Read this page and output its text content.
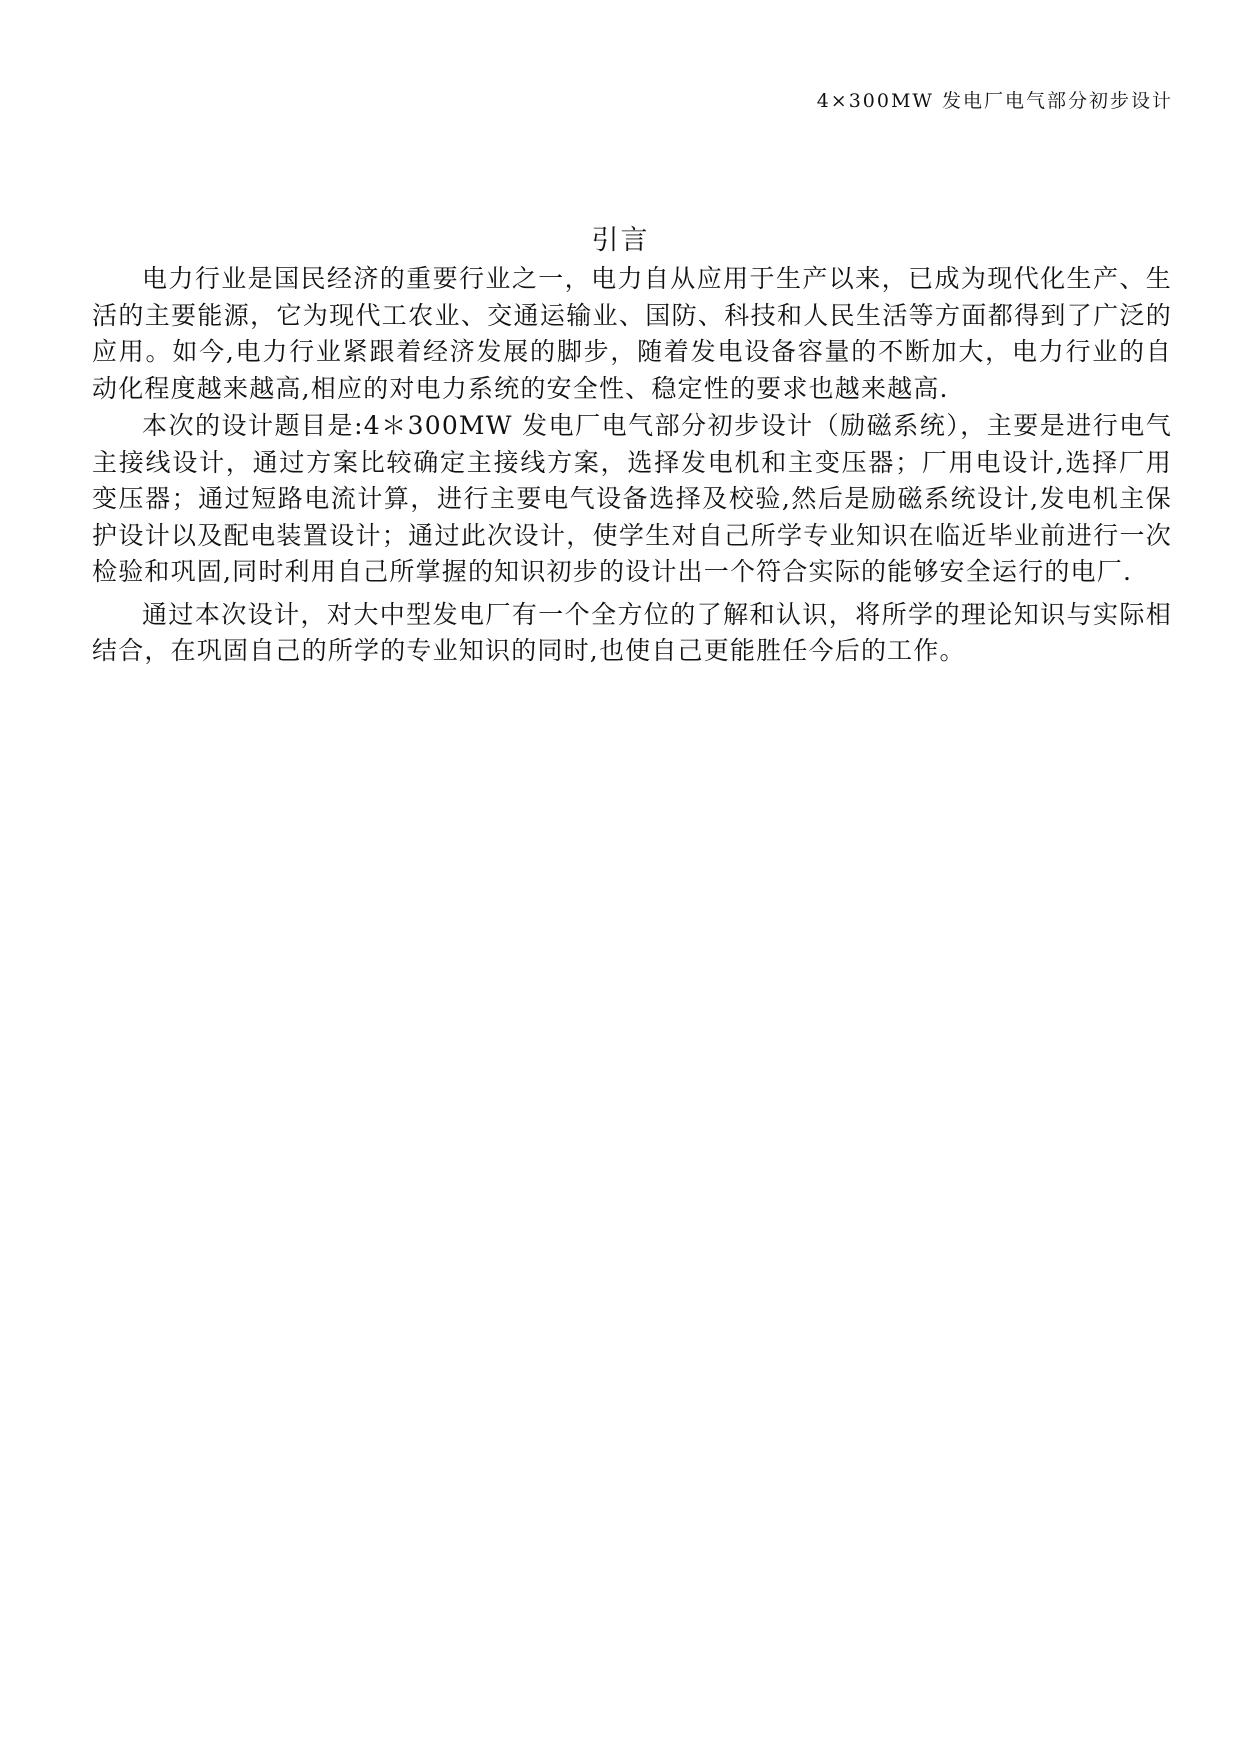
4×300MW 发电厂电气部分初步设计
引言

电力行业是国民经济的重要行业之一，电力自从应用于生产以来，已成为现代化生产、生活的主要能源，它为现代工农业、交通运输业、国防、科技和人民生活等方面都得到了广泛的应用。如今,电力行业紧跟着经济发展的脚步，随着发电设备容量的不断加大，电力行业的自动化程度越来越高,相应的对电力系统的安全性、稳定性的要求也越来越高.

本次的设计题目是:4＊300MW 发电厂电气部分初步设计（励磁系统），主要是进行电气主接线设计，通过方案比较确定主接线方案，选择发电机和主变压器；厂用电设计,选择厂用变压器；通过短路电流计算，进行主要电气设备选择及校验,然后是励磁系统设计,发电机主保护设计以及配电装置设计；通过此次设计，使学生对自己所学专业知识在临近毕业前进行一次检验和巩固,同时利用自己所掌握的知识初步的设计出一个符合实际的能够安全运行的电厂.

通过本次设计，对大中型发电厂有一个全方位的了解和认识，将所学的理论知识与实际相结合，在巩固自己的所学的专业知识的同时,也使自己更能胜任今后的工作。
